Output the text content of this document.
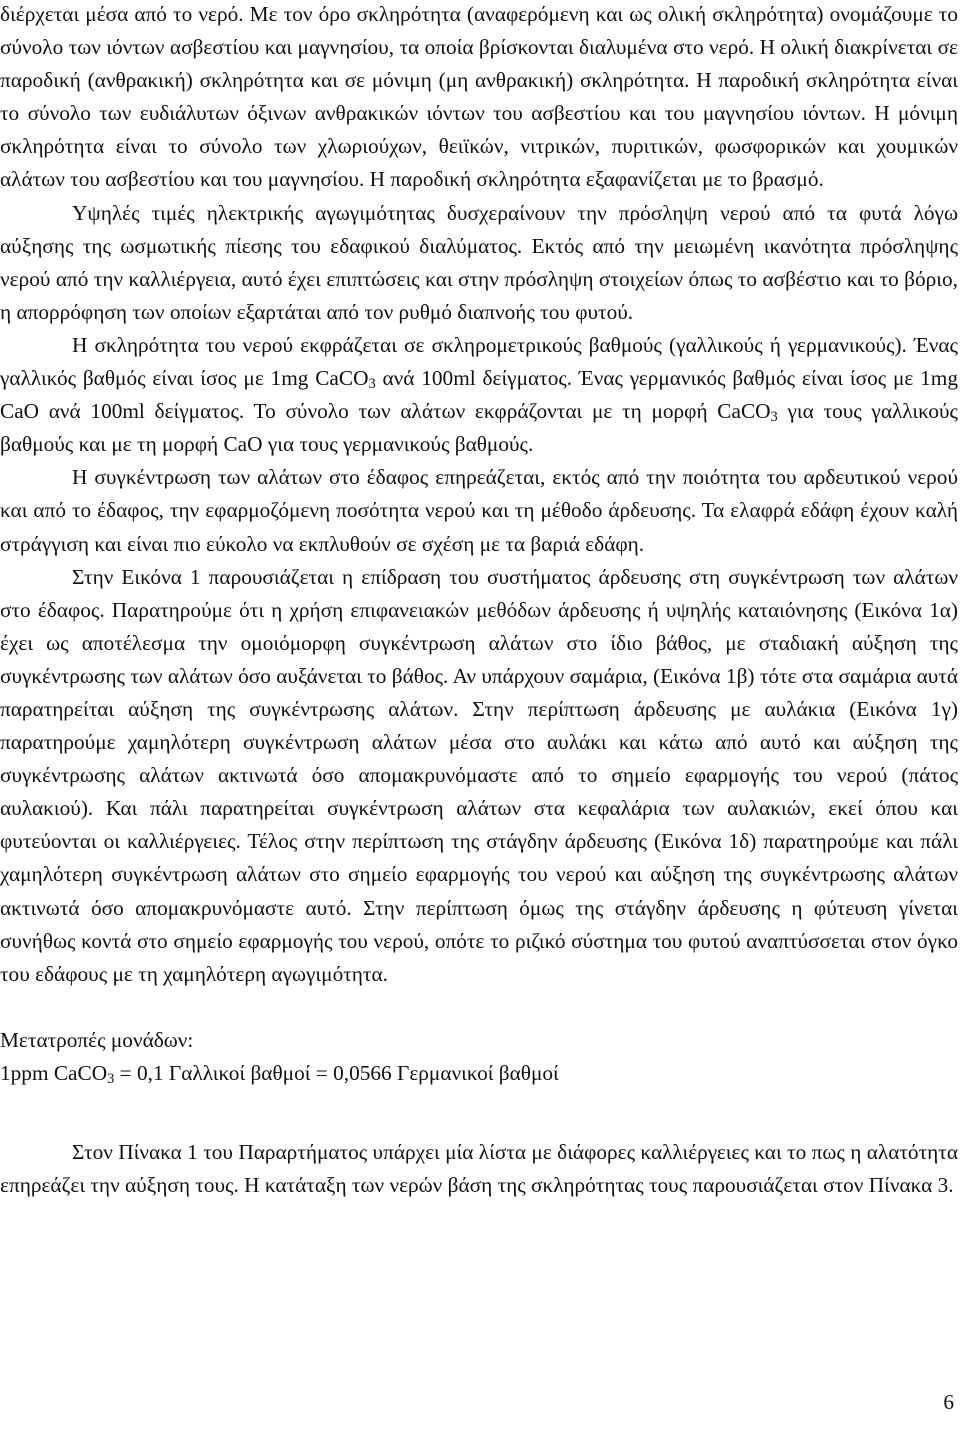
διέρχεται μέσα από το νερό. Με τον όρο σκληρότητα (αναφερόμενη και ως ολική σκληρότητα) ονομάζουμε το σύνολο των ιόντων ασβεστίου και μαγνησίου, τα οποία βρίσκονται διαλυμένα στο νερό. Η ολική διακρίνεται σε παροδική (ανθρακική) σκληρότητα και σε μόνιμη (μη ανθρακική) σκληρότητα. Η παροδική σκληρότητα είναι το σύνολο των ευδιάλυτων όξινων ανθρακικών ιόντων του ασβεστίου και του μαγνησίου ιόντων. Η μόνιμη σκληρότητα είναι το σύνολο των χλωριούχων, θειϊκών, νιτρικών, πυριτικών, φωσφορικών και χουμικών αλάτων του ασβεστίου και του μαγνησίου. Η παροδική σκληρότητα εξαφανίζεται με το βρασμό.

Υψηλές τιμές ηλεκτρικής αγωγιμότητας δυσχεραίνουν την πρόσληψη νερού από τα φυτά λόγω αύξησης της ωσμωτικής πίεσης του εδαφικού διαλύματος. Εκτός από την μειωμένη ικανότητα πρόσληψης νερού από την καλλιέργεια, αυτό έχει επιπτώσεις και στην πρόσληψη στοιχείων όπως το ασβέστιο και το βόριο, η απορρόφηση των οποίων εξαρτάται από τον ρυθμό διαπνοής του φυτού.

Η σκληρότητα του νερού εκφράζεται σε σκληρομετρικούς βαθμούς (γαλλικούς ή γερμανικούς). Ένας γαλλικός βαθμός είναι ίσος με 1mg CaCO$_3$ ανά 100ml δείγματος. Ένας γερμανικός βαθμός είναι ίσος με 1mg CaO ανά 100ml δείγματος. Το σύνολο των αλάτων εκφράζονται με τη μορφή CaCO$_3$ για τους γαλλικούς βαθμούς και με τη μορφή CaO για τους γερμανικούς βαθμούς.

Η συγκέντρωση των αλάτων στο έδαφος επηρεάζεται, εκτός από την ποιότητα του αρδευτικού νερού και από το έδαφος, την εφαρμοζόμενη ποσότητα νερού και τη μέθοδο άρδευσης. Τα ελαφρά εδάφη έχουν καλή στράγγιση και είναι πιο εύκολο να εκπλυθούν σε σχέση με τα βαριά εδάφη.

Στην Εικόνα 1 παρουσιάζεται η επίδραση του συστήματος άρδευσης στη συγκέντρωση των αλάτων στο έδαφος. Παρατηρούμε ότι η χρήση επιφανειακών μεθόδων άρδευσης ή υψηλής καταιόνησης (Εικόνα 1α) έχει ως αποτέλεσμα την ομοιόμορφη συγκέντρωση αλάτων στο ίδιο βάθος, με σταδιακή αύξηση της συγκέντρωσης των αλάτων όσο αυξάνεται το βάθος. Αν υπάρχουν σαμάρια, (Εικόνα 1β) τότε στα σαμάρια αυτά παρατηρείται αύξηση της συγκέντρωσης αλάτων. Στην περίπτωση άρδευσης με αυλάκια (Εικόνα 1γ) παρατηρούμε χαμηλότερη συγκέντρωση αλάτων μέσα στο αυλάκι και κάτω από αυτό και αύξηση της συγκέντρωσης αλάτων ακτινωτά όσο απομακρυνόμαστε από το σημείο εφαρμογής του νερού (πάτος αυλακιού). Και πάλι παρατηρείται συγκέντρωση αλάτων στα κεφαλάρια των αυλακιών, εκεί όπου και φυτεύονται οι καλλιέργειες. Τέλος στην περίπτωση της στάγδην άρδευσης (Εικόνα 1δ) παρατηρούμε και πάλι χαμηλότερη συγκέντρωση αλάτων στο σημείο εφαρμογής του νερού και αύξηση της συγκέντρωσης αλάτων ακτινωτά όσο απομακρυνόμαστε αυτό. Στην περίπτωση όμως της στάγδην άρδευσης η φύτευση γίνεται συνήθως κοντά στο σημείο εφαρμογής του νερού, οπότε το ριζικό σύστημα του φυτού αναπτύσσεται στον όγκο του εδάφους με τη χαμηλότερη αγωγιμότητα.

Μετατροπές μονάδων:

1ppm CaCO$_3$ = 0,1 Γαλλικοί βαθμοί = 0,0566 Γερμανικοί βαθμοί

Στον Πίνακα 1 του Παραρτήματος υπάρχει μία λίστα με διάφορες καλλιέργειες και το πως η αλατότητα επηρεάζει την αύξηση τους. Η κατάταξη των νερών βάση της σκληρότητας τους παρουσιάζεται στον Πίνακα 3.

6
